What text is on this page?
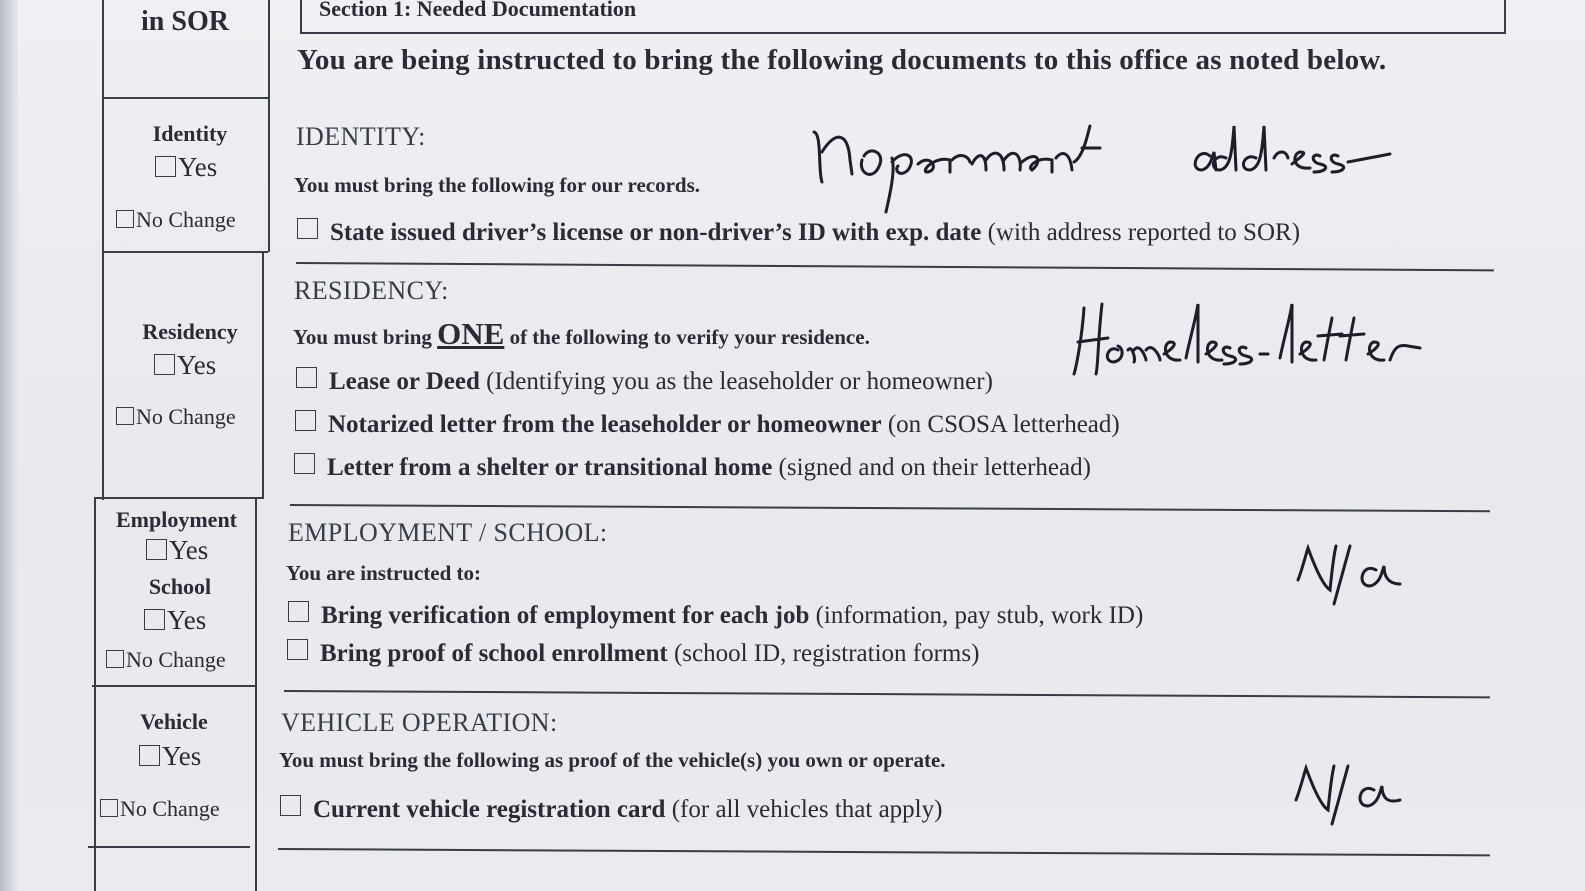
in SOR
Identity
Yes
No Change
Residency
Yes
No Change
Employment
Yes
School
Yes
No Change
Vehicle
Yes
No Change
Section 1: Needed Documentation
You are being instructed to bring the following documents to this office as noted below.
IDENTITY:
You must bring the following for our records.
State issued driver’s license or non-driver’s ID with exp. date (with address reported to SOR)
RESIDENCY:
You must bring ONE of the following to verify your residence.
Lease or Deed (Identifying you as the leaseholder or homeowner)
Notarized letter from the leaseholder or homeowner (on CSOSA letterhead)
Letter from a shelter or transitional home (signed and on their letterhead)
EMPLOYMENT / SCHOOL:
You are instructed to:
Bring verification of employment for each job (information, pay stub, work ID)
Bring proof of school enrollment (school ID, registration forms)
VEHICLE OPERATION:
You must bring the following as proof of the vehicle(s) you own or operate.
Current vehicle registration card (for all vehicles that apply)
